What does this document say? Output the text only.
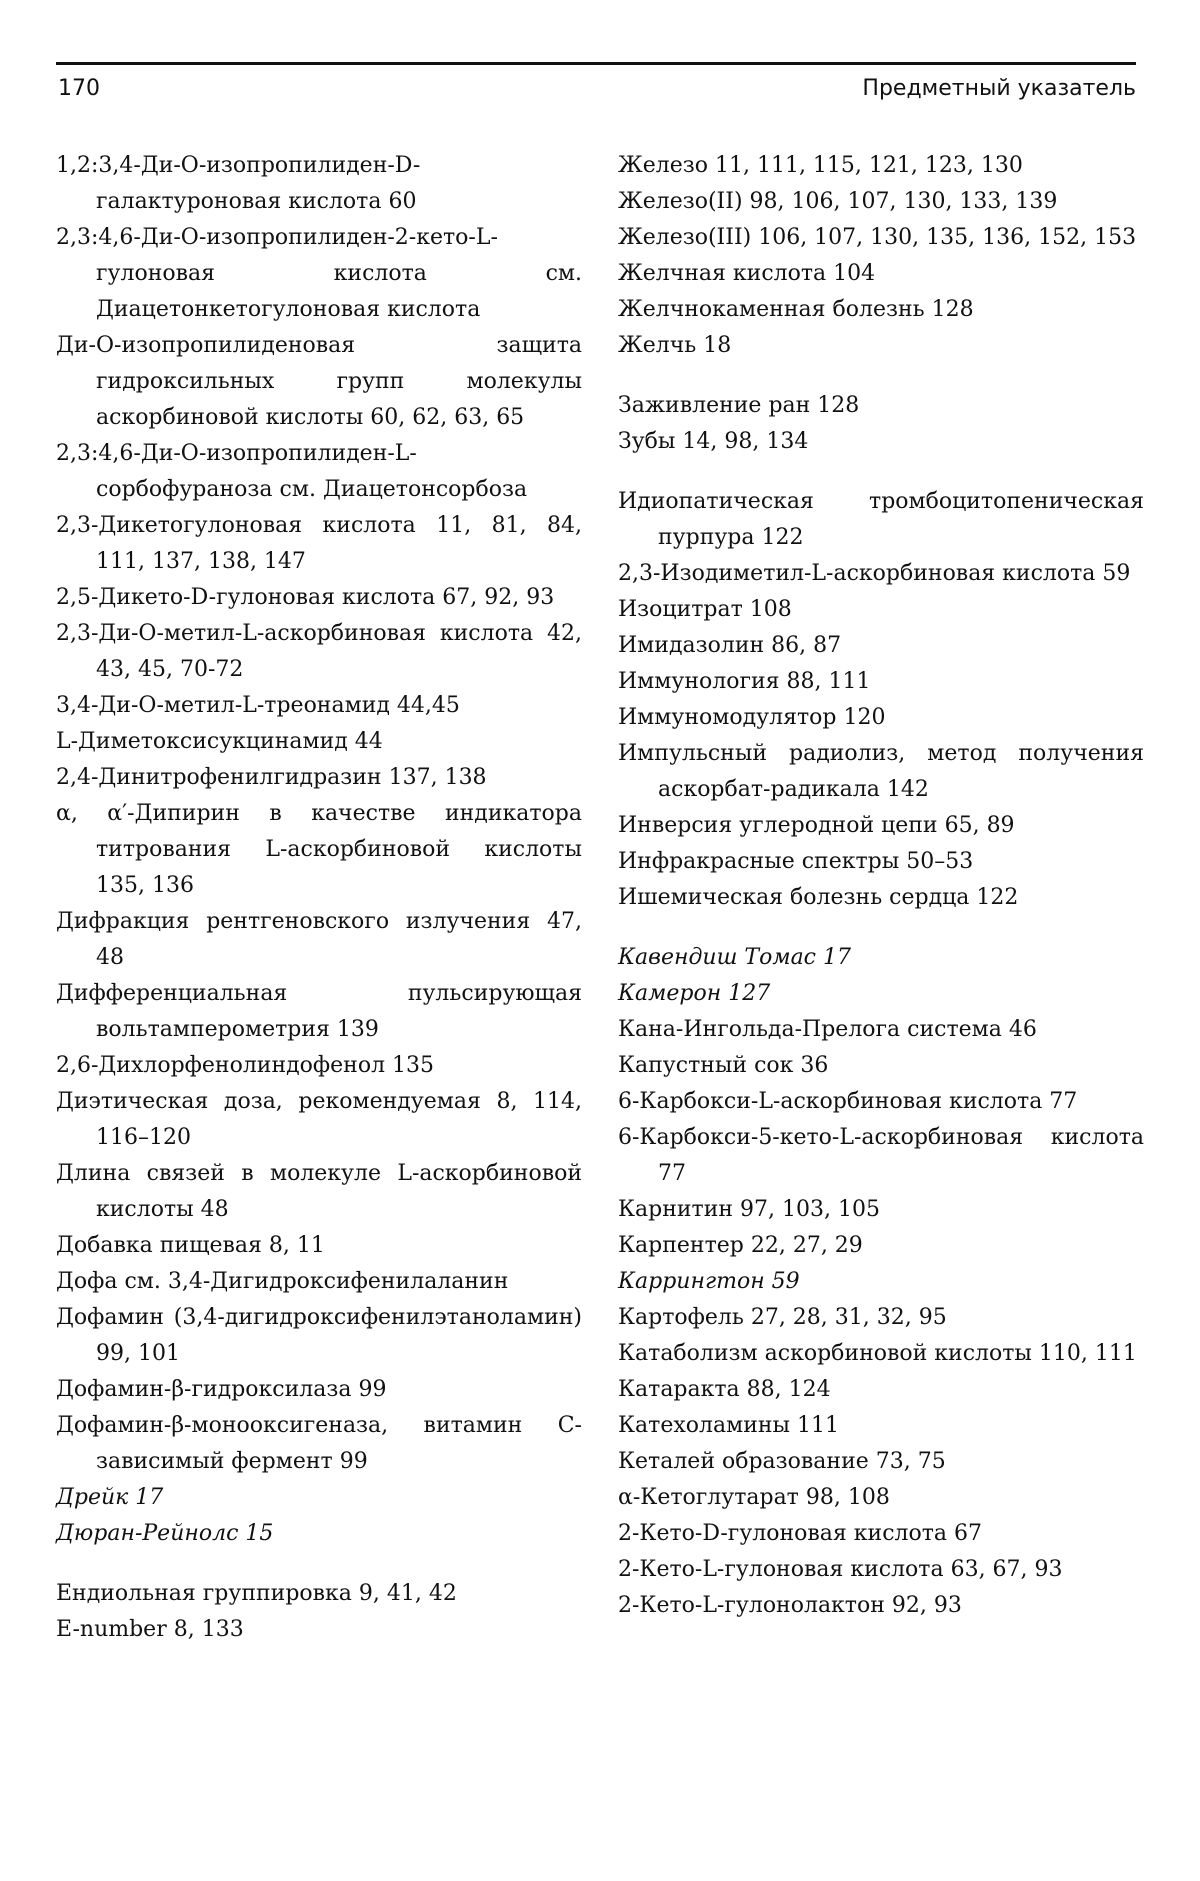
170	Предметный указатель
1,2:3,4-Ди-О-изопропилиден-D-галактуроновая кислота 60
2,3:4,6-Ди-О-изопропилиден-2-кето-L-гулоновая кислота см. Диацетонкетогулоновая кислота
Ди-О-изопропилиденовая защита гидроксильных групп молекулы аскорбиновой кислоты 60, 62, 63, 65
2,3:4,6-Ди-О-изопропилиден-L-сорбофураноза см. Диацетонсорбоза
2,3-Дикетогулоновая кислота 11, 81, 84, 111, 137, 138, 147
2,5-Дикето-D-гулоновая кислота 67, 92, 93
2,3-Ди-О-метил-L-аскорбиновая кислота 42, 43, 45, 70-72
3,4-Ди-О-метил-L-треонамид 44,45
L-Диметоксисукцинамид 44
2,4-Динитрофенилгидразин 137, 138
α, α′-Дипирин в качестве индикатора титрования L-аскорбиновой кислоты 135, 136
Дифракция рентгеновского излучения 47, 48
Дифференциальная пульсирующая вольтамперометрия 139
2,6-Дихлорфенолиндофенол 135
Диэтическая доза, рекомендуемая 8, 114, 116–120
Длина связей в молекуле L-аскорбиновой кислоты 48
Добавка пищевая 8, 11
Дофа см. 3,4-Дигидроксифенилаланин
Дофамин (3,4-дигидроксифенилэтаноламин) 99, 101
Дофамин-β-гидроксилаза 99
Дофамин-β-монооксигеназа, витамин С-зависимый фермент 99
Дрейк 17
Дюран-Рейнолс 15
Ендиольная группировка 9, 41, 42
E-number 8, 133
Железо 11, 111, 115, 121, 123, 130
Железо(II) 98, 106, 107, 130, 133, 139
Железо(III) 106, 107, 130, 135, 136, 152, 153
Желчная кислота 104
Желчнокаменная болезнь 128
Желчь 18
Заживление ран 128
Зубы 14, 98, 134
Идиопатическая тромбоцитопеническая пурпура 122
2,3-Изодиметил-L-аскорбиновая кислота 59
Изоцитрат 108
Имидазолин 86, 87
Иммунология 88, 111
Иммуномодулятор 120
Импульсный радиолиз, метод получения аскорбат-радикала 142
Инверсия углеродной цепи 65, 89
Инфракрасные спектры 50–53
Ишемическая болезнь сердца 122
Кавендиш Томас 17
Камерон 127
Кана-Ингольда-Прелога система 46
Капустный сок 36
6-Карбокси-L-аскорбиновая кислота 77
6-Карбокси-5-кето-L-аскорбиновая кислота 77
Карнитин 97, 103, 105
Карпентер 22, 27, 29
Каррингтон 59
Картофель 27, 28, 31, 32, 95
Катаболизм аскорбиновой кислоты 110, 111
Катаракта 88, 124
Катехоламины 111
Кеталей образование 73, 75
α-Кетоглутарат 98, 108
2-Кето-D-гулоновая кислота 67
2-Кето-L-гулоновая кислота 63, 67, 93
2-Кето-L-гулонолактон 92, 93
